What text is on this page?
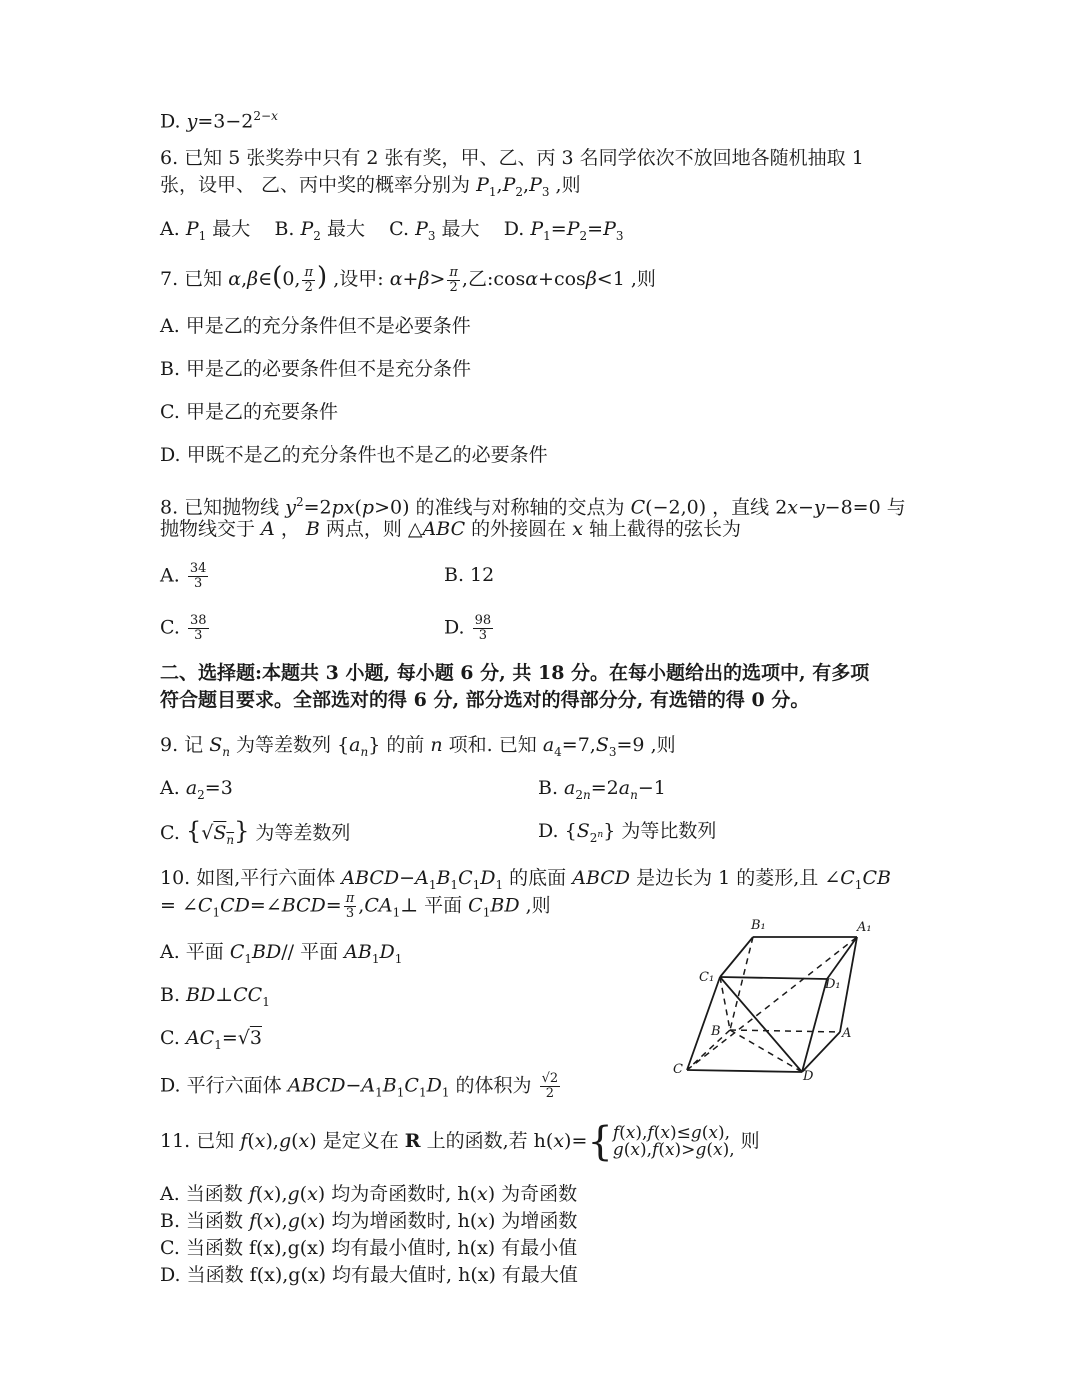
D. $y=3-2^{2-x}$
6. 已知 5 张奖券中只有 2 张有奖，甲、乙、丙 3 名同学依次不放回地各随机抽取 1
张，设甲、 乙、丙中奖的概率分别为 $P_1,P_2,P_3$ ,则
A. $P_1$ 最大    B. $P_2$ 最大    C. $P_3$ 最大    D. $P_1=P_2=P_3$
7. 已知 α,β∈(0, $\frac{\pi}{2}$ ) ,设甲: $\alpha+\beta> \frac{\pi}{2}$ ,乙:cosα+cosβ<1 ,则
A. 甲是乙的充分条件但不是必要条件
B. 甲是乙的必要条件但不是充分条件
C. 甲是乙的充要条件
D. 甲既不是乙的充分条件也不是乙的必要条件
8. 已知抛物线 $y^2=2px(p>0)$ 的准线与对称轴的交点为 C(−2,0) ，直线 2x−y−8=0 与
抛物线交于 A ， B 两点，则 △ABC 的外接圆在 x 轴上截得的弦长为
A. $\frac{34}{3}$	B. 12
C. $\frac{38}{3}$	D. $\frac{98}{3}$
二、选择题:本题共 3 小题, 每小题 6 分, 共 18 分。在每小题给出的选项中, 有多项
符合题目要求。全部选对的得 6 分, 部分选对的得部分分, 有选错的得 0 分。
9. 记 $S_n$ 为等差数列 $\{a_n\}$ 的前 n 项和. 已知 $a_4=7,S_3=9$ ,则
A. $a_2=3$	B. $a_{2n}=2a_n-1$
C. $\{√S_n\}$ 为等差数列	D. $\{S_{2^n}\}$ 为等比数列
10. 如图,平行六面体 $ABCD-A_1B_1C_1D_1$ 的底面 ABCD 是边长为 1 的菱形,且 $\angle C_1CB$
= $\angle C_1CD=\angle BCD= \frac{\pi}{3}$ $,CA_1\perp$ 平面 $C_1BD$ ,则
A. 平面 $C_1BD//$ 平面 $AB_1D_1$
B. $BD\perp CC_1$
C. $AC_1=√3$
D. 平行六面体 $ABCD-A_1B_1C_1D_1$ 的体积为 $\frac{√2}{2}$
B₁	A₁
C₁	D₁
B	A
C	D
11. 已知 f(x),g(x) 是定义在 R 上的函数,若 h(x)={f(x),f(x)≤g(x),
g(x),f(x)>g(x), 则
A. 当函数 f(x),g(x) 均为奇函数时, h(x) 为奇函数
B. 当函数 f(x),g(x) 均为增函数时, h(x) 为增函数
C. 当函数 f(x),g(x) 均有最小值时, h(x) 有最小值
D. 当函数 f(x),g(x) 均有最大值时, h(x) 有最大值
